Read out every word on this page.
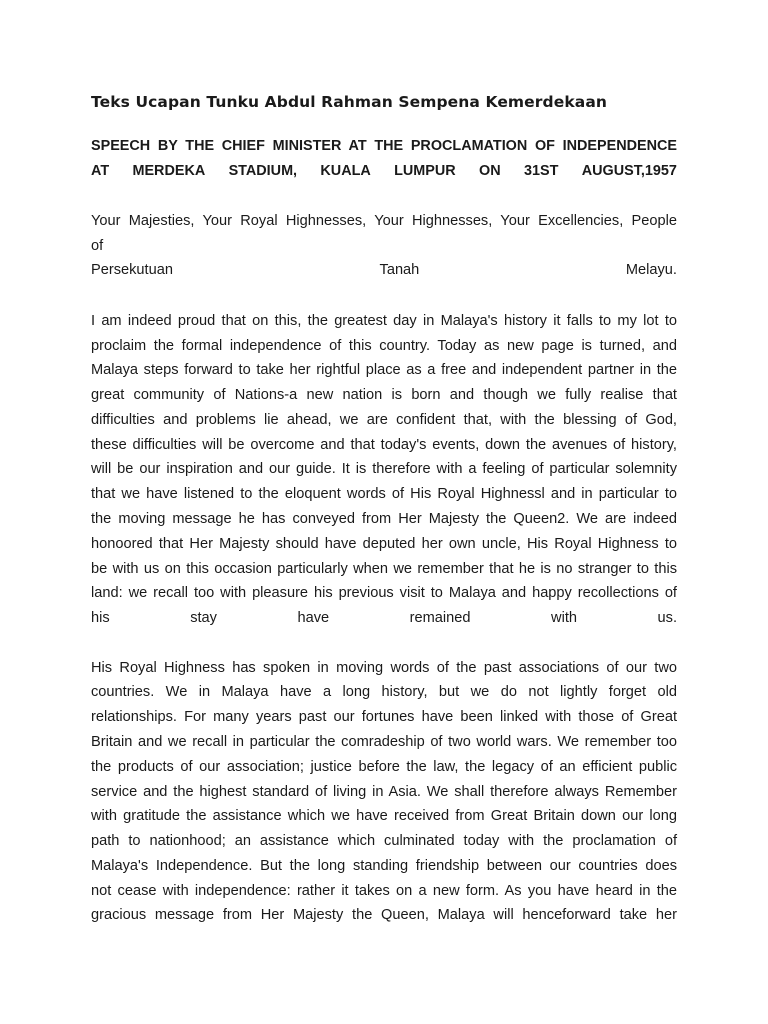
Teks Ucapan Tunku Abdul Rahman Sempena Kemerdekaan
SPEECH BY THE CHIEF MINISTER AT THE PROCLAMATION OF INDEPENDENCE
AT MERDEKA STADIUM, KUALA LUMPUR ON 31ST AUGUST,1957
Your Majesties, Your Royal Highnesses, Your Highnesses, Your Excellencies, People
of
Persekutuan	Tanah	Melayu.
I am indeed proud that on this, the greatest day in Malaya's history it falls to my lot to
proclaim the formal independence of this country. Today as new page is turned, and
Malaya steps forward to take her rightful place as a free and independent partner in the
great community of Nations-a new nation is born and though we fully realise that
difficulties and problems lie ahead, we are confident that, with the blessing of God,
these difficulties will be overcome and that today's events, down the avenues of history,
will be our inspiration and our guide. It is therefore with a feeling of particular solemnity
that we have listened to the eloquent words of His Royal Highnessl and in particular to
the moving message he has conveyed from Her Majesty the Queen2. We are indeed
honoored that Her Majesty should have deputed her own uncle, His Royal Highness to
be with us on this occasion particularly when we remember that he is no stranger to this
land: we recall too with pleasure his previous visit to Malaya and happy recollections of
his	stay	have	remained	with	us.
His Royal Highness has spoken in moving words of the past associations of our two
countries. We in Malaya have a long history, but we do not lightly forget old
relationships. For many years past our fortunes have been linked with those of Great
Britain and we recall in particular the comradeship of two world wars. We remember too
the products of our association; justice before the law, the legacy of an efficient public
service and the highest standard of living in Asia. We shall therefore always Remember
with gratitude the assistance which we have received from Great Britain down our long
path to nationhood; an assistance which culminated today with the proclamation of
Malaya's Independence. But the long standing friendship between our countries does
not cease with independence: rather it takes on a new form. As you have heard in the
gracious message from Her Majesty the Queen, Malaya will henceforward take her
